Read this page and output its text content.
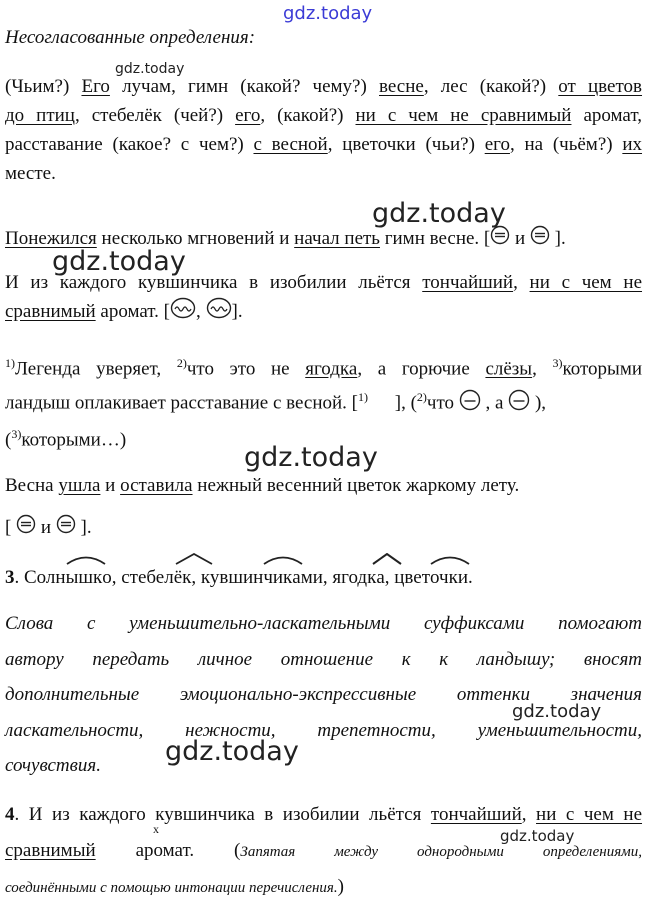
gdz.today
gdz.today
gdz.today
gdz.today
gdz.today
gdz.today
gdz.today
gdz.today
Несогласованные определения:
(Чьим?) Его лучам, гимн (какой? чему?) весне, лес (какой?) от цветов
до птиц, стебелёк (чей?) его, (какой?) ни с чем не сравнимый аромат,
расставание (какое? с чем?) с весной, цветочки (чьи?) его, на (чьём?) их
месте.
Понежился несколько мгновений и начал петь гимн весне. [ и  ].
И из каждого кувшинчика в изобилии льётся тончайший, ни с чем не
сравнимый аромат. [ , ].
$^{1)}$Легенда уверяет, $^{2)}$что это не ягодка, а горючие слёзы, $^{3)}$которыми
ландыш оплакивает расставание с весной. [$^{1)}$ ], ($^{2)}$что  , а  ),
($^{3)}$которыми…)
Весна ушла и оставила нежный весенний цветок жаркому лету.
[  и  ].
3. Солн
ышко, стебел
ёк, кувшин
чиками, ягод
ка, цвет
очки.
Слова с уменьшительно-ласкательными суффиксами помогают
автору передать личное отношение к к ландышу; вносят
дополнительные эмоционально-экспрессивные оттенки значения
ласкательности, нежности, трепетности, уменьшительности,
сочувствия.
4. И из каждого кувшинчика в изобилии льётся тончайший, ни с чем не
x
сравнимый аромат. (Запятая между однородными определениями,
соединёнными с помощью интонации перечисления.)
